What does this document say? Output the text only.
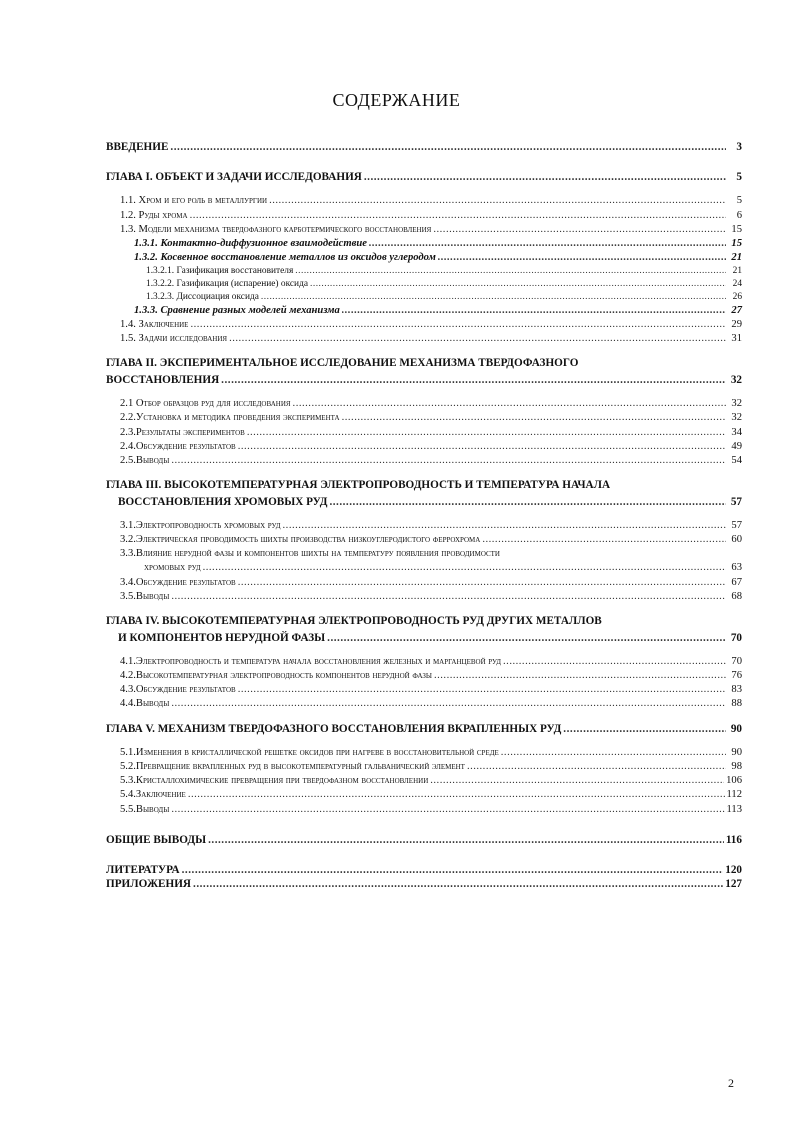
СОДЕРЖАНИЕ
ВВЕДЕНИЕ .....	3
ГЛАВА I. ОБЪЕКТ И ЗАДАЧИ ИССЛЕДОВАНИЯ .....	5
1.1. Хром и его роль в металлургии .....	5
1.2. Руды хрома .....	6
1.3. Модели механизма твердофазного карботермического восстановления .....	15
1.3.1. Контактно-диффузионное взаимодействие .....	15
1.3.2. Косвенное восстановление металлов из оксидов углеродом .....	21
1.3.2.1. Газификация восстановителя .....	21
1.3.2.2. Газификация (испарение) оксида .....	24
1.3.2.3. Диссоциация оксида .....	26
1.3.3. Сравнение разных моделей механизма .....	27
1.4. Заключение .....	29
1.5. Задачи исследования .....	31
ГЛАВА II. ЭКСПЕРИМЕНТАЛЬНОЕ ИССЛЕДОВАНИЕ МЕХАНИЗМА ТВЕРДОФАЗНОГО
ВОССТАНОВЛЕНИЯ .....	32
2.1 Отбор образцов руд для исследования .....	32
2.2.Установка и методика проведения эксперимента .....	32
2.3.Результаты экспериментов .....	34
2.4.Обсуждение результатов .....	49
2.5.Выводы .....	54
ГЛАВА III. ВЫСОКОТЕМПЕРАТУРНАЯ ЭЛЕКТРОПРОВОДНОСТЬ И ТЕМПЕРАТУРА НАЧАЛА
ВОССТАНОВЛЕНИЯ ХРОМОВЫХ РУД .....	57
3.1.Электропроводность хромовых руд .....	57
3.2.Электрическая проводимость шихты производства низкоуглеродистого феррохрома .....	60
3.3.Влияние нерудной фазы и компонентов шихты на температуру появления проводимости
хромовых руд .....	63
3.4.Обсуждение результатов .....	67
3.5.Выводы .....	68
ГЛАВА IV. ВЫСОКОТЕМПЕРАТУРНАЯ ЭЛЕКТРОПРОВОДНОСТЬ РУД ДРУГИХ МЕТАЛЛОВ
И КОМПОНЕНТОВ НЕРУДНОЙ ФАЗЫ .....	70
4.1.Электропроводность и температура начала восстановления железных и марганцевой руд .....	70
4.2.Высокотемпературная электропроводность компонентов нерудной фазы .....	76
4.3.Обсуждение результатов .....	83
4.4.Выводы .....	88
ГЛАВА V. МЕХАНИЗМ ТВЕРДОФАЗНОГО ВОССТАНОВЛЕНИЯ ВКРАПЛЕННЫХ РУД .....	90
5.1.Изменения в кристаллической решетке оксидов при нагреве в восстановительной среде .....	90
5.2.Превращение вкрапленных руд в высокотемпературный гальванический элемент .....	98
5.3.Кристаллохимические превращения при твердофазном восстановлении .....	106
5.4.Заключение .....	112
5.5.Выводы .....	113
ОБЩИЕ ВЫВОДЫ .....	116
ЛИТЕРАТУРА .....	120
ПРИЛОЖЕНИЯ .....	127
2
